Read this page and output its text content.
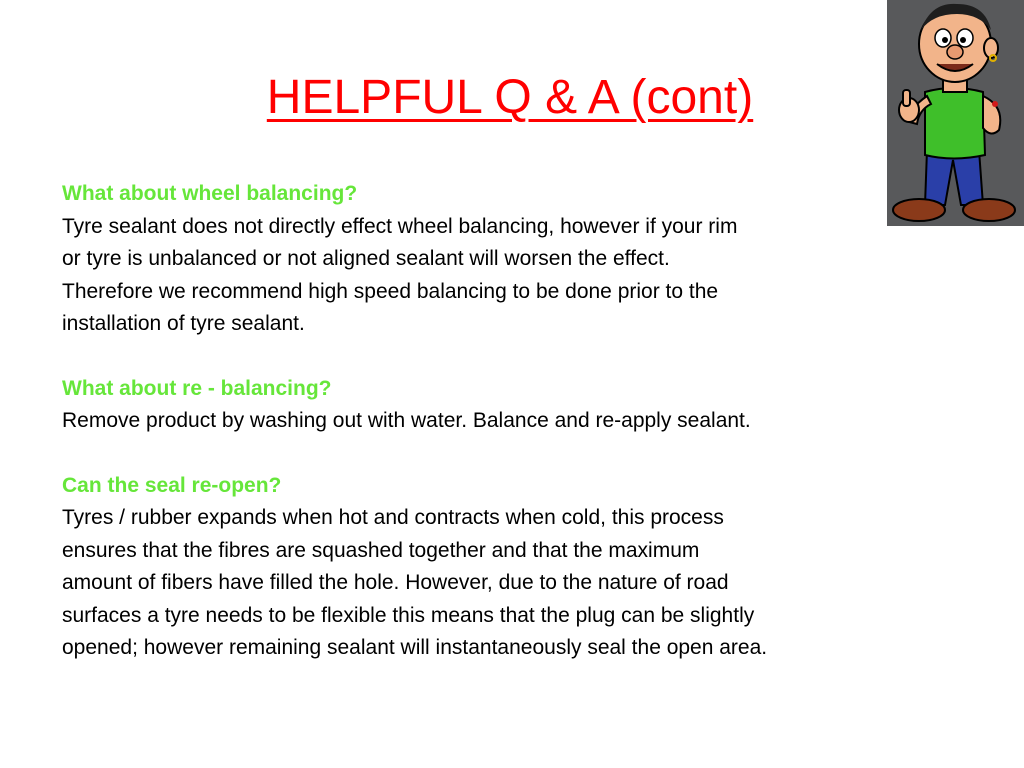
HELPFUL Q & A (cont)
What about wheel balancing?
Tyre sealant does not directly effect wheel balancing, however if your rim
or tyre is unbalanced or not aligned sealant will worsen the effect.
Therefore we recommend high speed balancing to be done prior to the
installation of tyre sealant.
What about re - balancing?
Remove product by washing out with water. Balance and re-apply sealant.
Can the seal re-open?
Tyres / rubber expands when hot and contracts when cold, this process
ensures that the fibres are squashed together and that the maximum
amount of fibers have filled the hole. However, due to the nature of road
surfaces a tyre needs to be flexible this means that the plug can be slightly
opened; however remaining sealant will instantaneously seal the open area.
